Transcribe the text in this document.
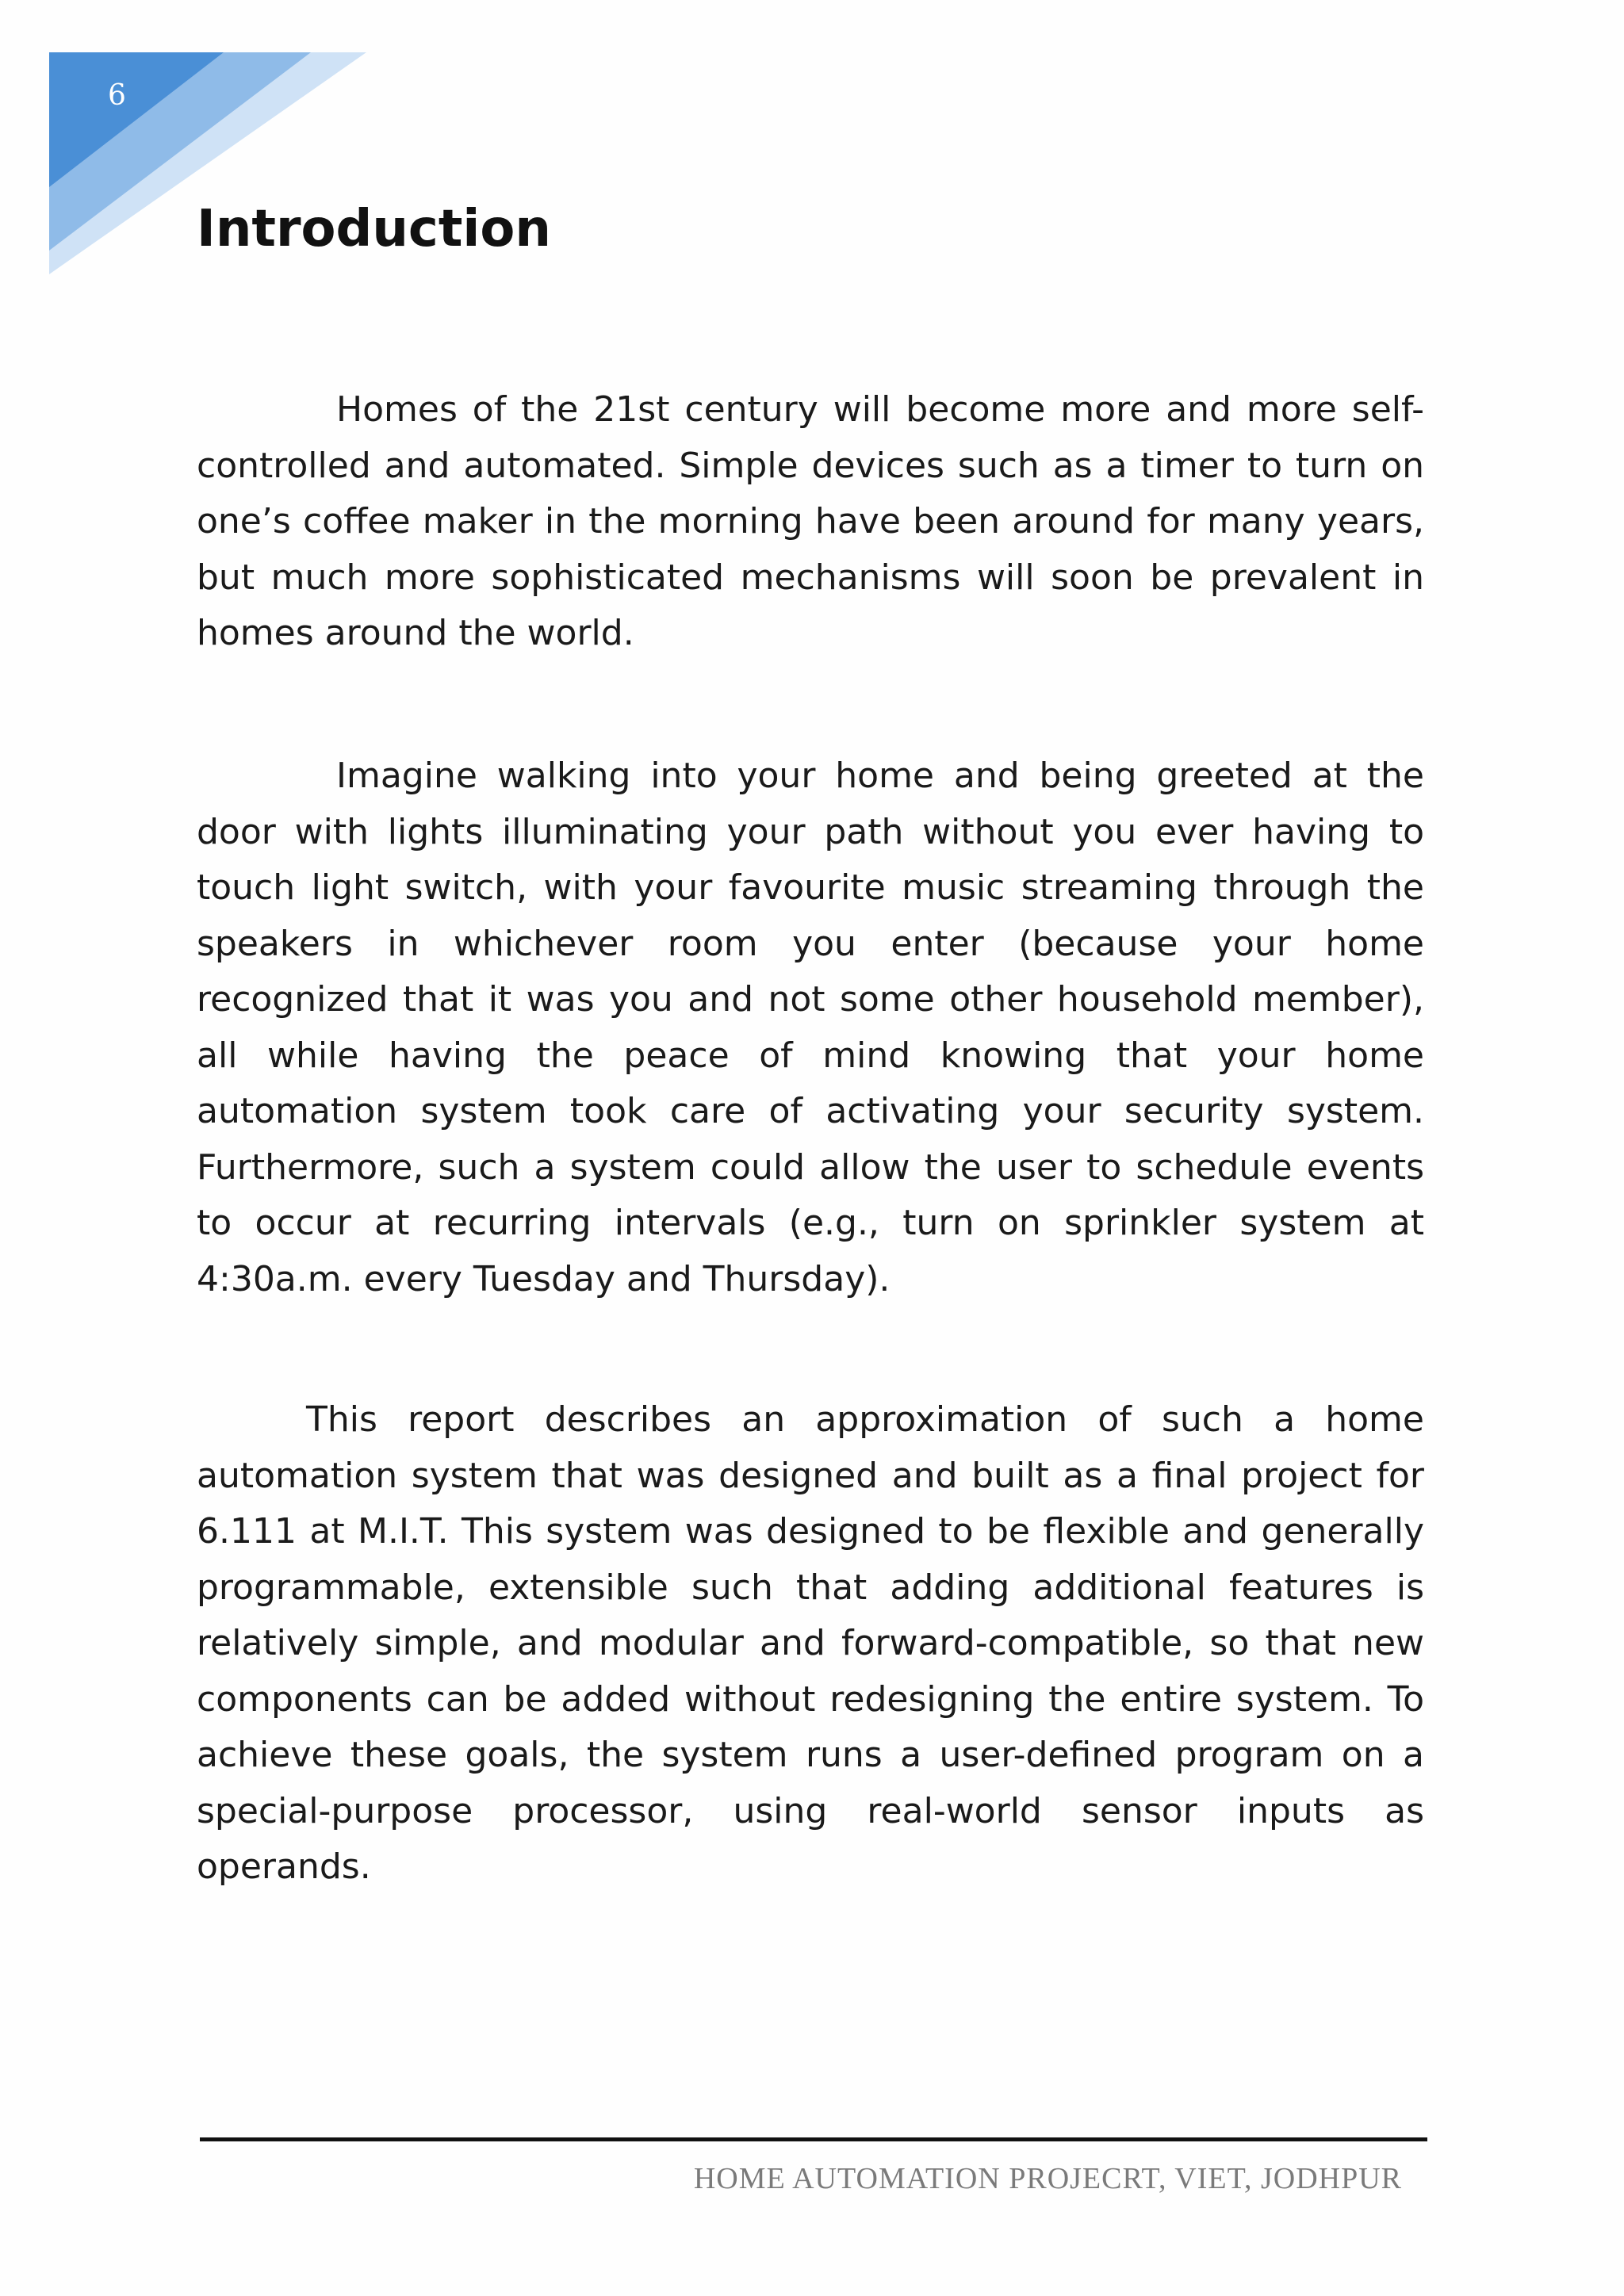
6
Introduction

Homes of the 21st century will become more and more self-controlled and automated. Simple devices such as a timer to turn on one’s coffee maker in the morning have been around for many years, but much more sophisticated mechanisms will soon be prevalent in homes around the world.

Imagine walking into your home and being greeted at the door with lights illuminating your path without you ever having to touch light switch, with your favourite music streaming through the speakers in whichever room you enter (because your home recognized that it was you and not some other household member), all while having the peace of mind knowing that your home automation system took care of activating your security system. Furthermore, such a system could allow the user to schedule events to occur at recurring intervals (e.g., turn on sprinkler system at 4:30a.m. every Tuesday and Thursday).

This report describes an approximation of such a home automation system that was designed and built as a final project for 6.111 at M.I.T. This system was designed to be flexible and generally programmable, extensible such that adding additional features is relatively simple, and modular and forward-compatible, so that new components can be added without redesigning the entire system. To achieve these goals, the system runs a user-defined program on a special-purpose processor, using real-world sensor inputs as operands.

HOME AUTOMATION PROJECRT, VIET, JODHPUR
